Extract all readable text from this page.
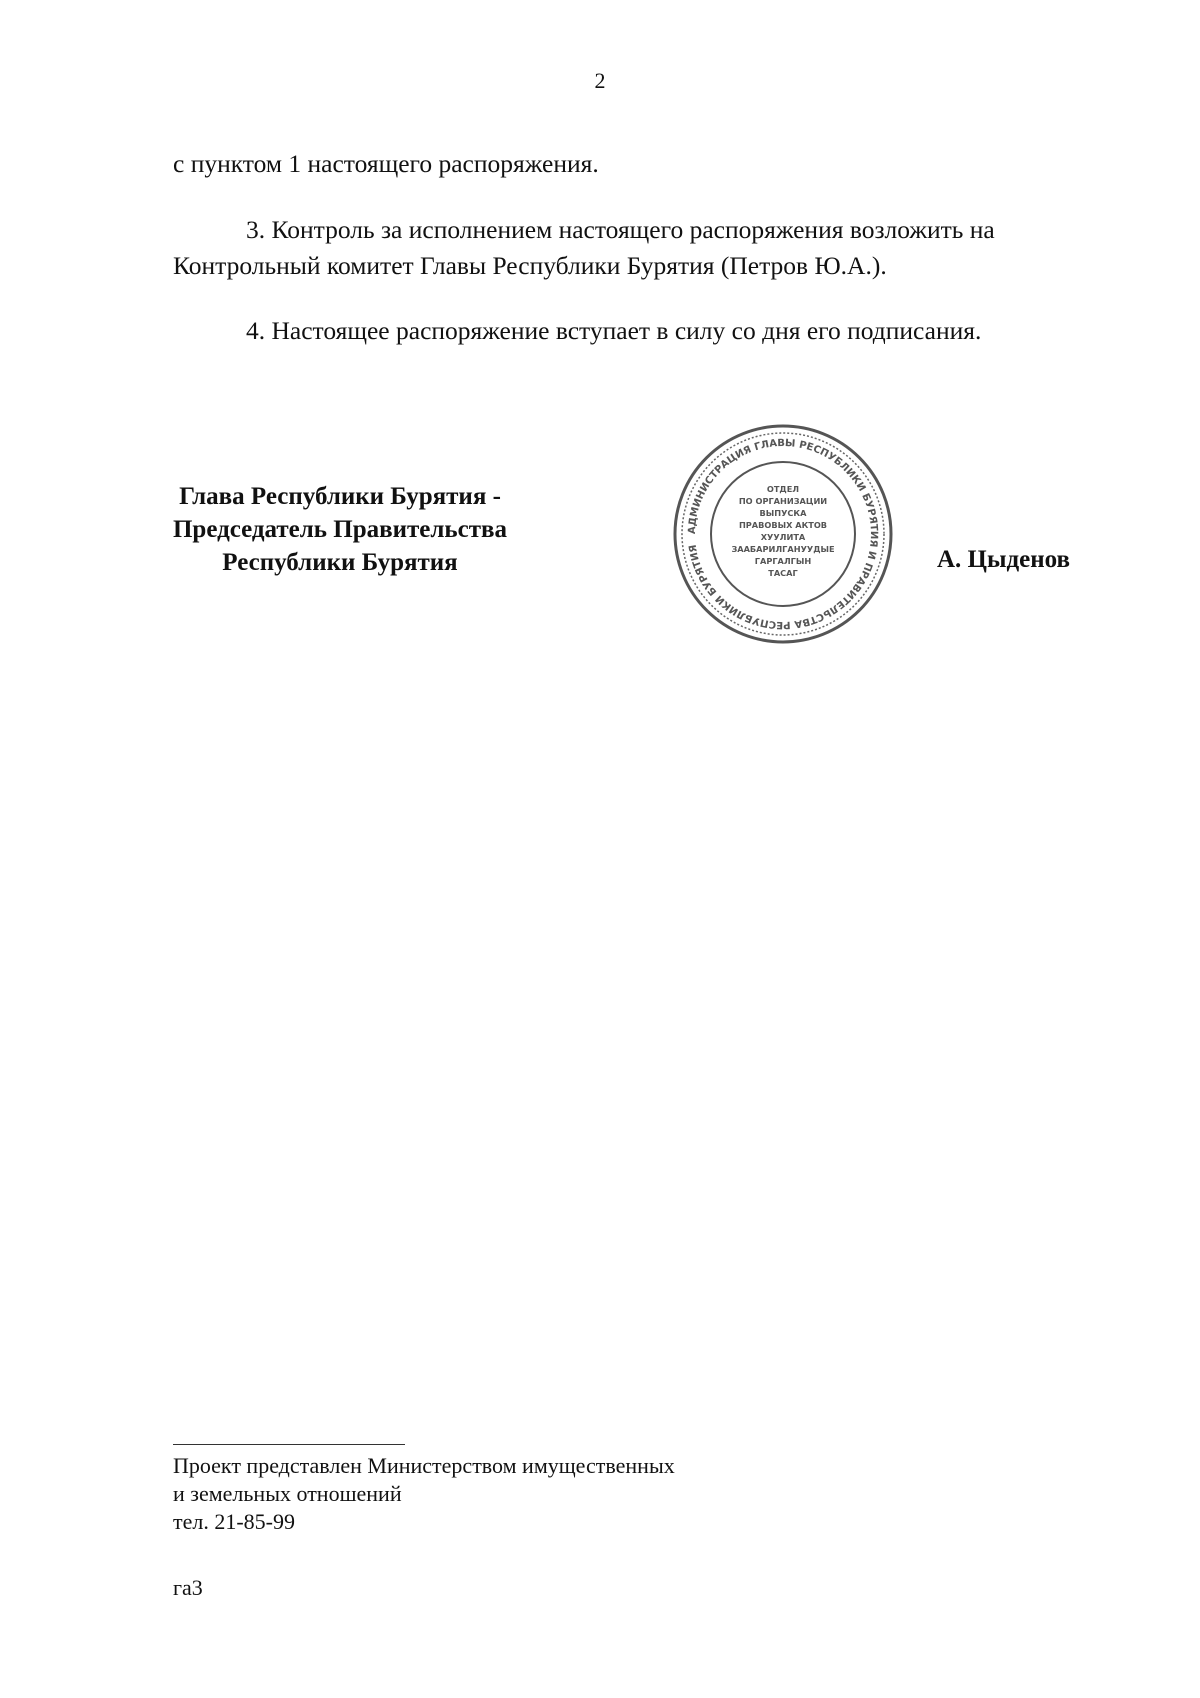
2
с пунктом 1 настоящего распоряжения.
3. Контроль за исполнением настоящего распоряжения возложить на
Контрольный комитет Главы Республики Бурятия (Петров Ю.А.).
4. Настоящее распоряжение вступает в силу со дня его подписания.
Глава Республики Бурятия -
Председатель Правительства
Республики Бурятия
АДМИНИСТРАЦИЯ ГЛАВЫ РЕСПУБЛИКИ БУРЯТИЯ И ПРАВИТЕЛЬСТВА РЕСПУБЛИКИ БУРЯТИЯ
ОТДЕЛ
ПО ОРГАНИЗАЦИИ
ВЫПУСКА
ПРАВОВЫХ АКТОВ
ХУУЛИТА
ЗААБАРИЛГАНУУДЫЕ
ГАРГАЛГЫН
ТАСАГ	А. Цыденов
Проект представлен Министерством имущественных
и земельных отношений
тел. 21-85-99
га3
